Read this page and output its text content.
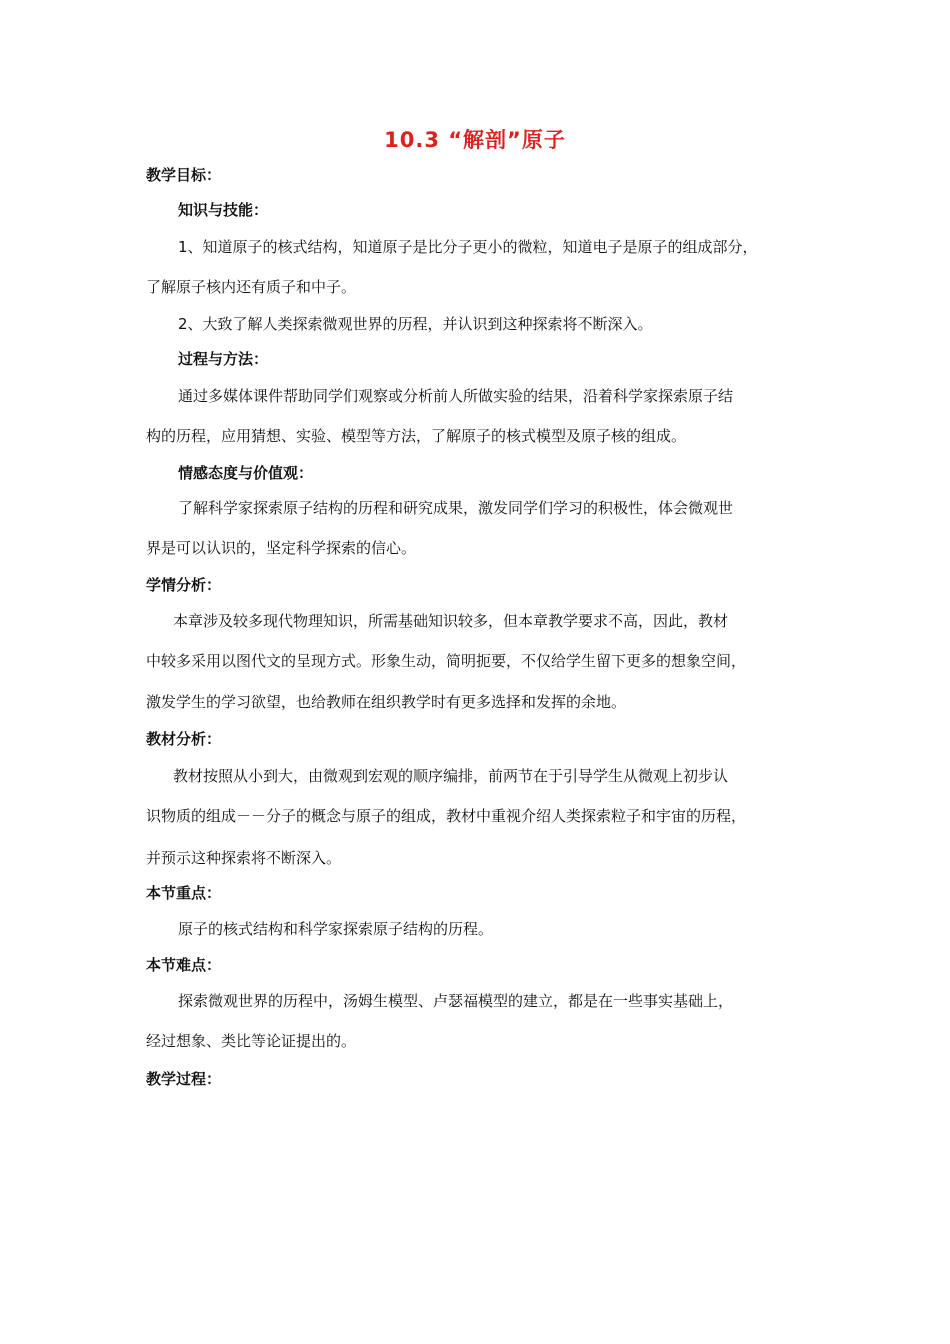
10.3 “解剖”原子
教学目标：
知识与技能：
1、知道原子的核式结构，知道原子是比分子更小的微粒，知道电子是原子的组成部分，
了解原子核内还有质子和中子。
2、大致了解人类探索微观世界的历程，并认识到这种探索将不断深入。
过程与方法：
通过多媒体课件帮助同学们观察或分析前人所做实验的结果，沿着科学家探索原子结
构的历程，应用猜想、实验、模型等方法，了解原子的核式模型及原子核的组成。
情感态度与价值观：
了解科学家探索原子结构的历程和研究成果，激发同学们学习的积极性，体会微观世
界是可以认识的，坚定科学探索的信心。
学情分析：
本章涉及较多现代物理知识，所需基础知识较多，但本章教学要求不高，因此，教材
中较多采用以图代文的呈现方式。形象生动，简明扼要，不仅给学生留下更多的想象空间，
激发学生的学习欲望，也给教师在组织教学时有更多选择和发挥的余地。
教材分析：
教材按照从小到大，由微观到宏观的顺序编排，前两节在于引导学生从微观上初步认
识物质的组成－－分子的概念与原子的组成，教材中重视介绍人类探索粒子和宇宙的历程，
并预示这种探索将不断深入。
本节重点：
原子的核式结构和科学家探索原子结构的历程。
本节难点：
探索微观世界的历程中，汤姆生模型、卢瑟福模型的建立，都是在一些事实基础上，
经过想象、类比等论证提出的。
教学过程：
